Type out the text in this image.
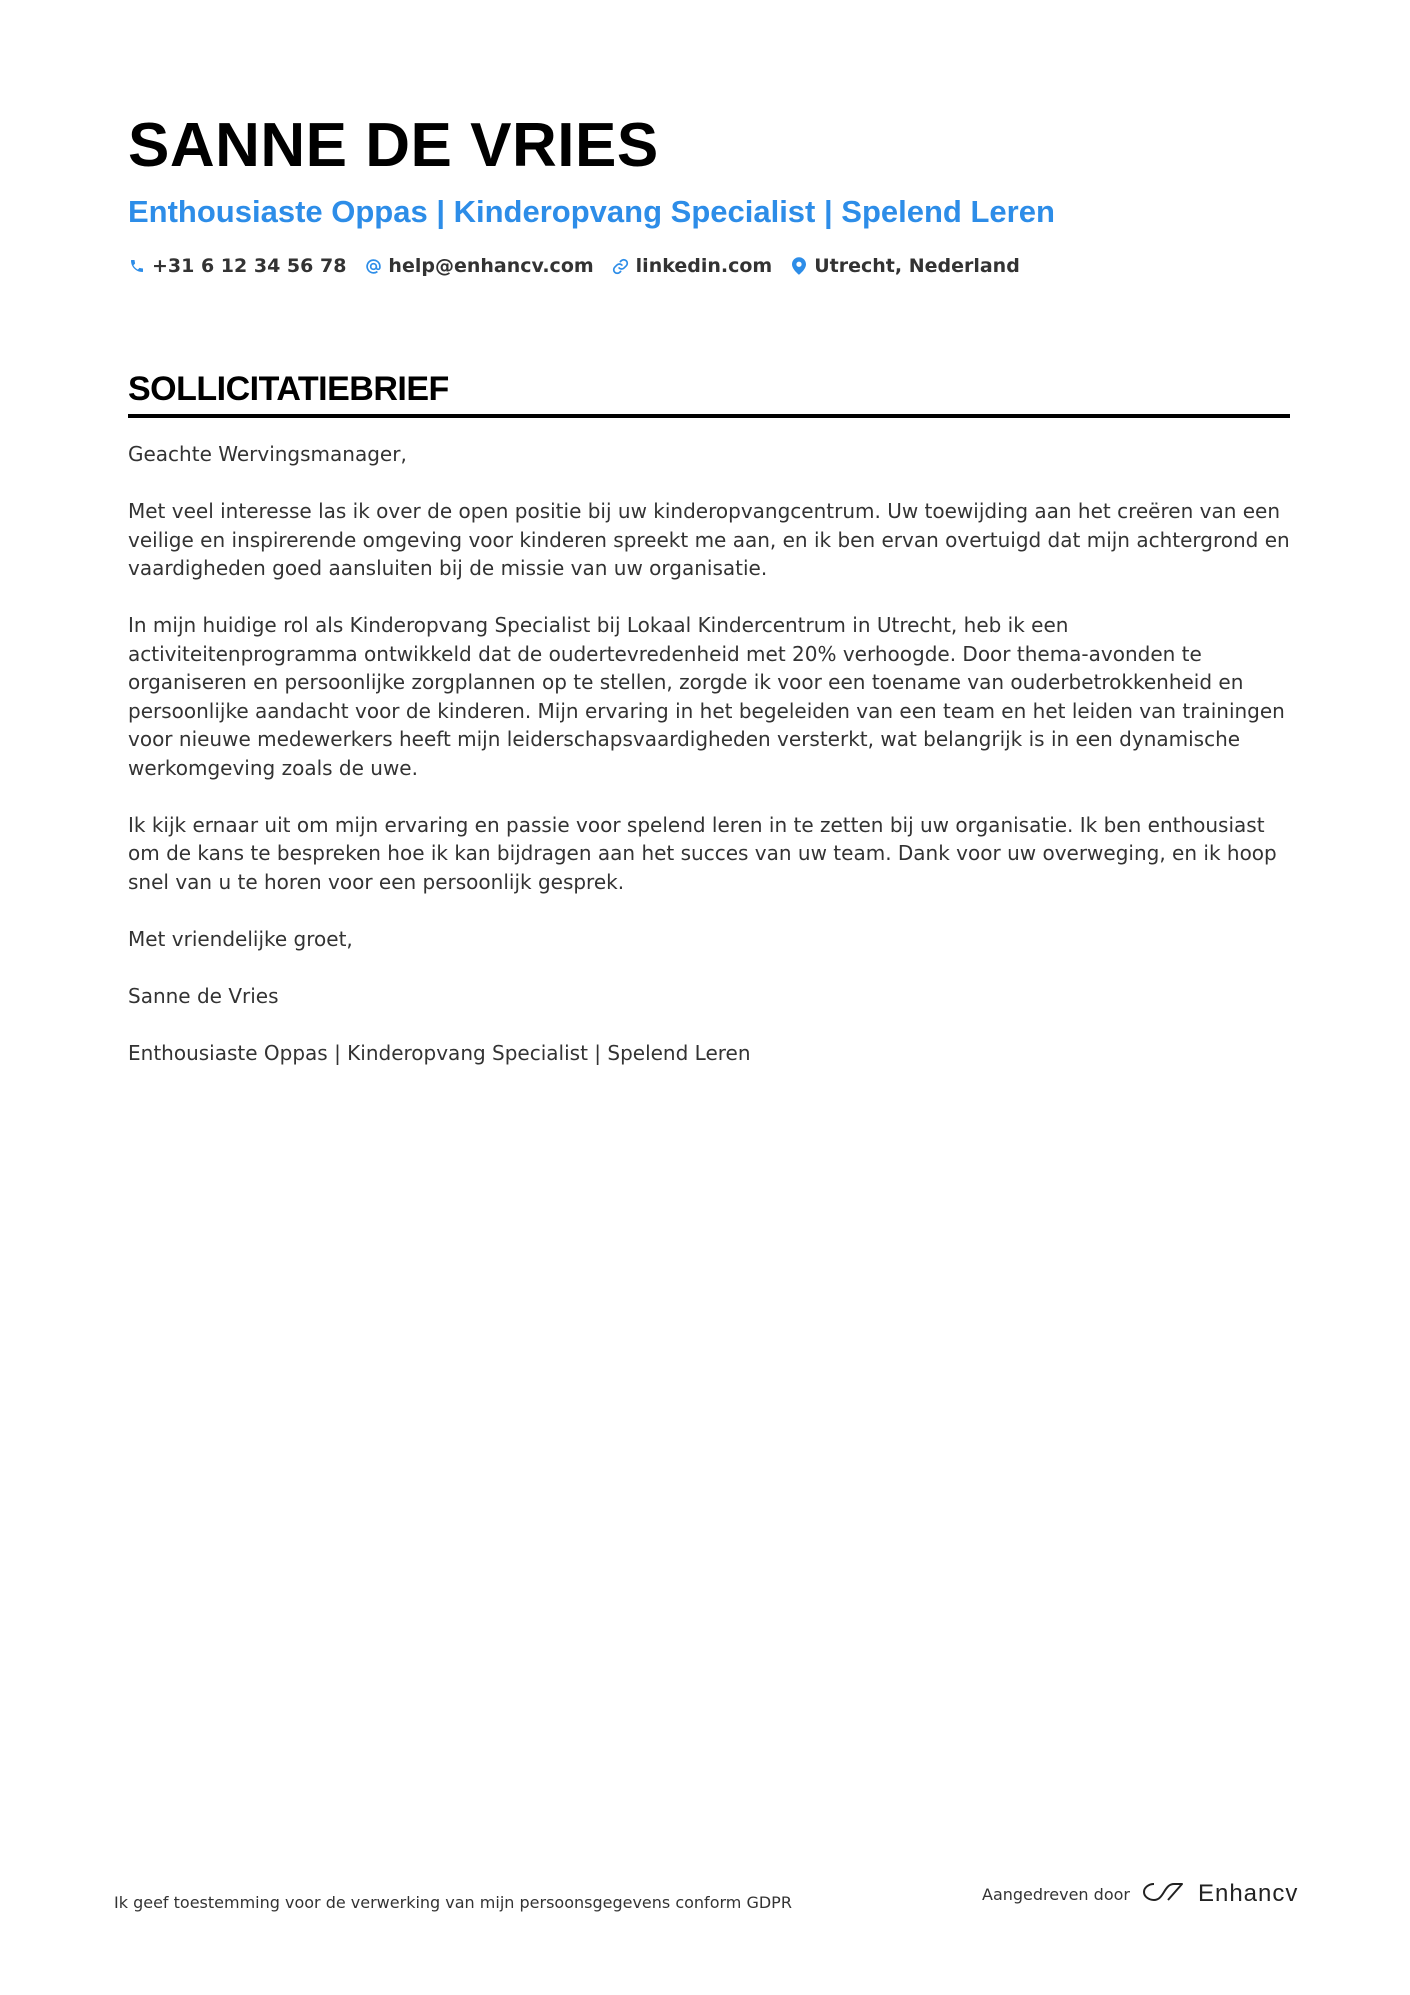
SANNE DE VRIES
Enthousiaste Oppas | Kinderopvang Specialist | Spelend Leren
+31 6 12 34 56 78 help@enhancv.com linkedin.com Utrecht, Nederland
SOLLICITATIEBRIEF

Geachte Wervingsmanager,

Met veel interesse las ik over de open positie bij uw kinderopvangcentrum. Uw toewijding aan het creëren van een veilige en inspirerende omgeving voor kinderen spreekt me aan, en ik ben ervan overtuigd dat mijn achtergrond en vaardigheden goed aansluiten bij de missie van uw organisatie.

In mijn huidige rol als Kinderopvang Specialist bij Lokaal Kindercentrum in Utrecht, heb ik een activiteitenprogramma ontwikkeld dat de oudertevredenheid met 20% verhoogde. Door thema-avonden te organiseren en persoonlijke zorgplannen op te stellen, zorgde ik voor een toename van ouderbetrokkenheid en persoonlijke aandacht voor de kinderen. Mijn ervaring in het begeleiden van een team en het leiden van trainingen voor nieuwe medewerkers heeft mijn leiderschapsvaardigheden versterkt, wat belangrijk is in een dynamische werkomgeving zoals de uwe.

Ik kijk ernaar uit om mijn ervaring en passie voor spelend leren in te zetten bij uw organisatie. Ik ben enthousiast om de kans te bespreken hoe ik kan bijdragen aan het succes van uw team. Dank voor uw overweging, en ik hoop snel van u te horen voor een persoonlijk gesprek.

Met vriendelijke groet,

Sanne de Vries

Enthousiaste Oppas | Kinderopvang Specialist | Spelend Leren

Ik geef toestemming voor de verwerking van mijn persoonsgegevens conform GDPR	Aangedreven door	Enhancv
